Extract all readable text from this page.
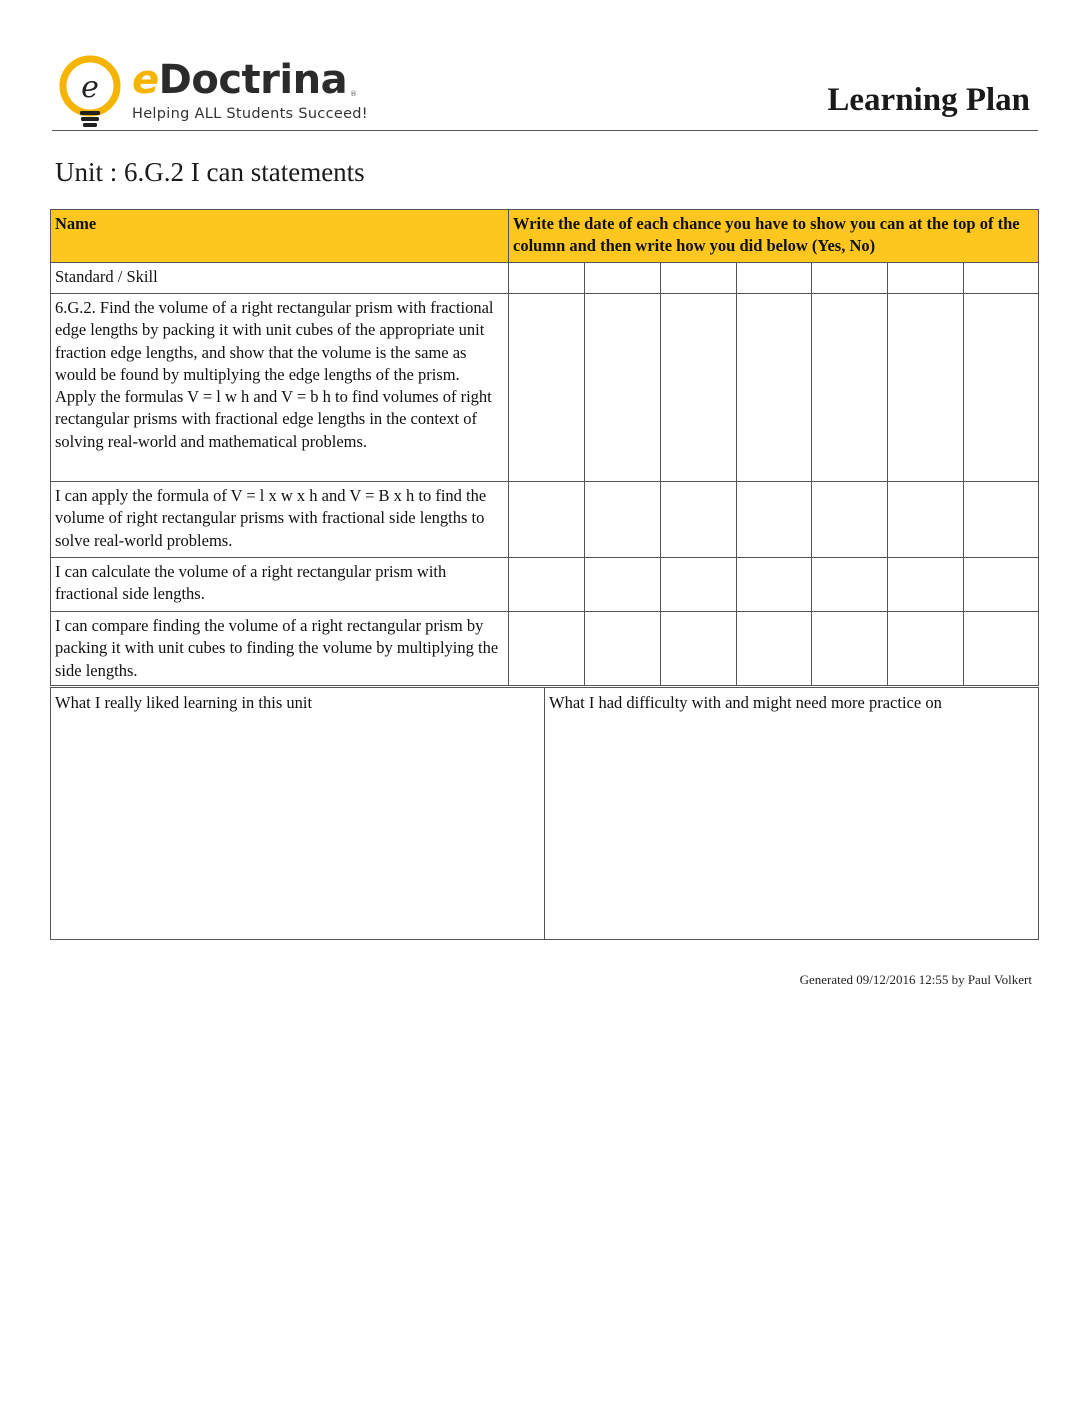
e eDoctrina ®
Helping ALL Students Succeed!	Learning Plan
Unit : 6.G.2 I can statements
Name	Write the date of each chance you have to show you can at the top of the column and then write how you did below (Yes, No)						
Standard / Skill							
6.G.2. Find the volume of a right rectangular prism with fractional edge lengths by packing it with unit cubes of the appropriate unit fraction edge lengths, and show that the volume is the same as would be found by multiplying the edge lengths of the prism. Apply the formulas V = l w h and V = b h to find volumes of right rectangular prisms with fractional edge lengths in the context of solving real-world and mathematical problems.							
I can apply the formula of V = l x w x h and V = B x h to find the volume of right rectangular prisms with fractional side lengths to solve real-world problems.							
I can calculate the volume of a right rectangular prism with fractional side lengths.							
I can compare finding the volume of a right rectangular prism by packing it with unit cubes to finding the volume by multiplying the side lengths.							
What I really liked learning in this unit	What I had difficulty with and might need more practice on
Generated 09/12/2016 12:55 by Paul Volkert
